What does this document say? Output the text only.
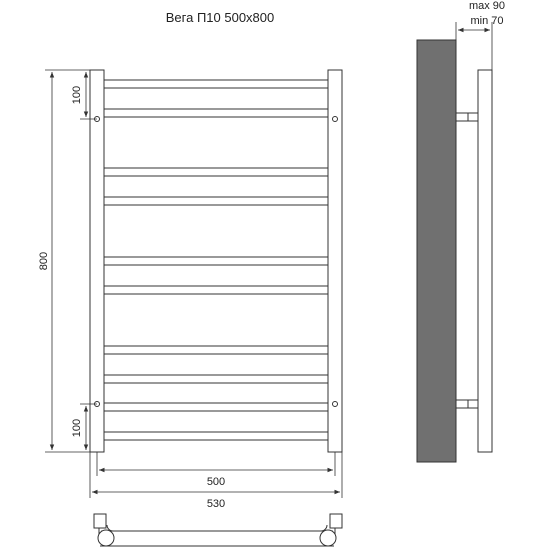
Вега П10 500х800
800
100
100
500
530
max 90
min 70
